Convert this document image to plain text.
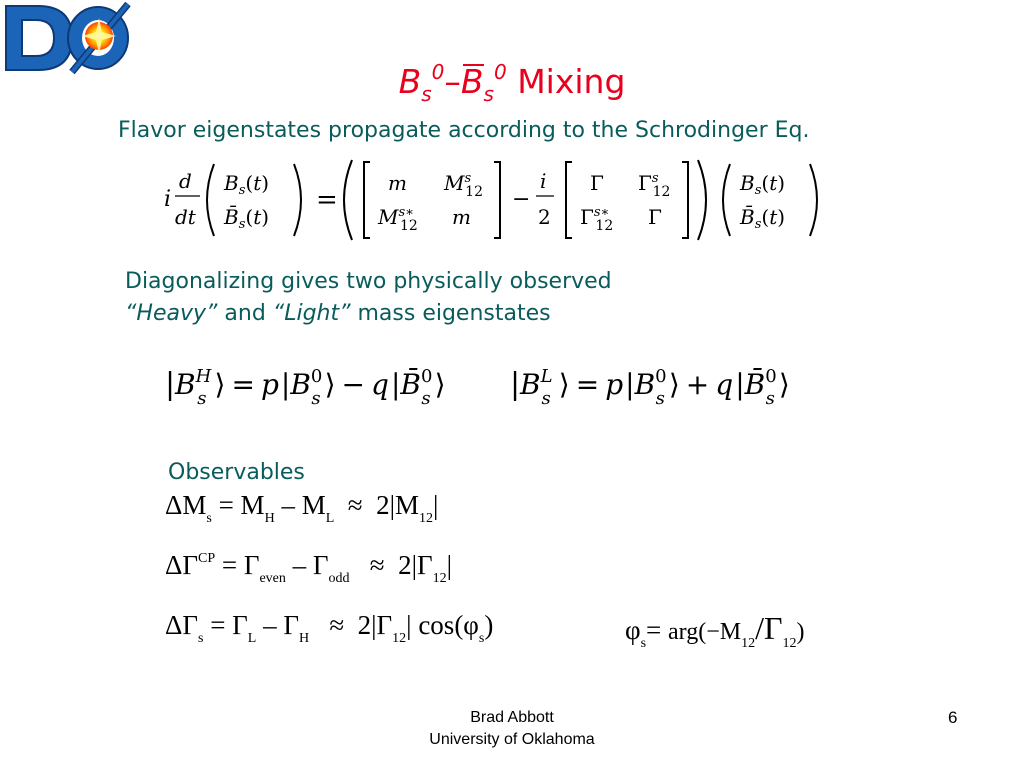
$B_s^0-B_s^0$ Mixing
Flavor eigenstates propagate according to the Schrodinger Eq.
i
d
dt
$B_s(t)$
$B̄_s(t)$
=
m $M^s$ 12
$M^{s∗}$ 12 m
−
i
2
Γ $\Gamma^s$ 12
$\Gamma^{s∗}$ 12 Γ
$B_s(t)$
$B̄_s(t)$
Diagonalizing gives two physically observed
“Heavy” and “Light” mass eigenstates
| $B^H$ s ⟩ = $p|B^0$ s ⟩ − q|B̄$^0$ s ⟩ | $B^L$ s ⟩ = $p|B^0$ s ⟩ + q|B̄$^0$ s ⟩
Observables
$\Delta M_s = M_H - M_L \approx 2|M_{12}|$
$\Delta\Gamma^{CP} = \Gamma_{even} - \Gamma_{odd} \approx 2|\Gamma_{12}|$
$\Delta\Gamma_s = \Gamma_L - \Gamma_H \approx 2|\Gamma_{12}|$ $\cos(\varphi_s)$	$\varphi_s= arg(-M_{12}/\Gamma_{12})$
Brad Abbott
University of Oklahoma
6
